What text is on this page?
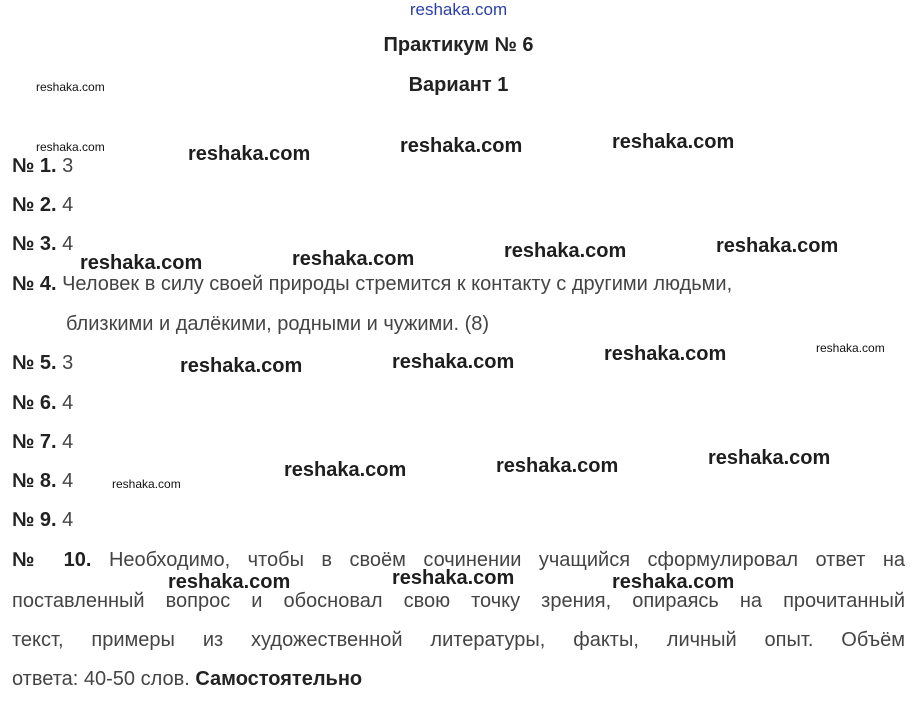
reshaka.com
Практикум № 6
Вариант 1
№ 1. 3
№ 2. 4
№ 3. 4
№ 4. Человек в силу своей природы стремится к контакту с другими людьми,
близкими и далёкими, родными и чужими. (8)
№ 5. 3
№ 6. 4
№ 7. 4
№ 8. 4
№ 9. 4
№ 10. Необходимо, чтобы в своём сочинении учащийся сформулировал ответ на
поставленный вопрос и обосновал свою точку зрения, опираясь на прочитанный
текст, примеры из художественной литературы, факты, личный опыт. Объём
ответа: 40-50 слов. Самостоятельно
reshaka.com
reshaka.com	reshaka.com	reshaka.com	reshaka.com
reshaka.com	reshaka.com	reshaka.com	reshaka.com
reshaka.com	reshaka.com	reshaka.com	reshaka.com
reshaka.com
reshaka.com	reshaka.com	reshaka.com
reshaka.com	reshaka.com	reshaka.com
